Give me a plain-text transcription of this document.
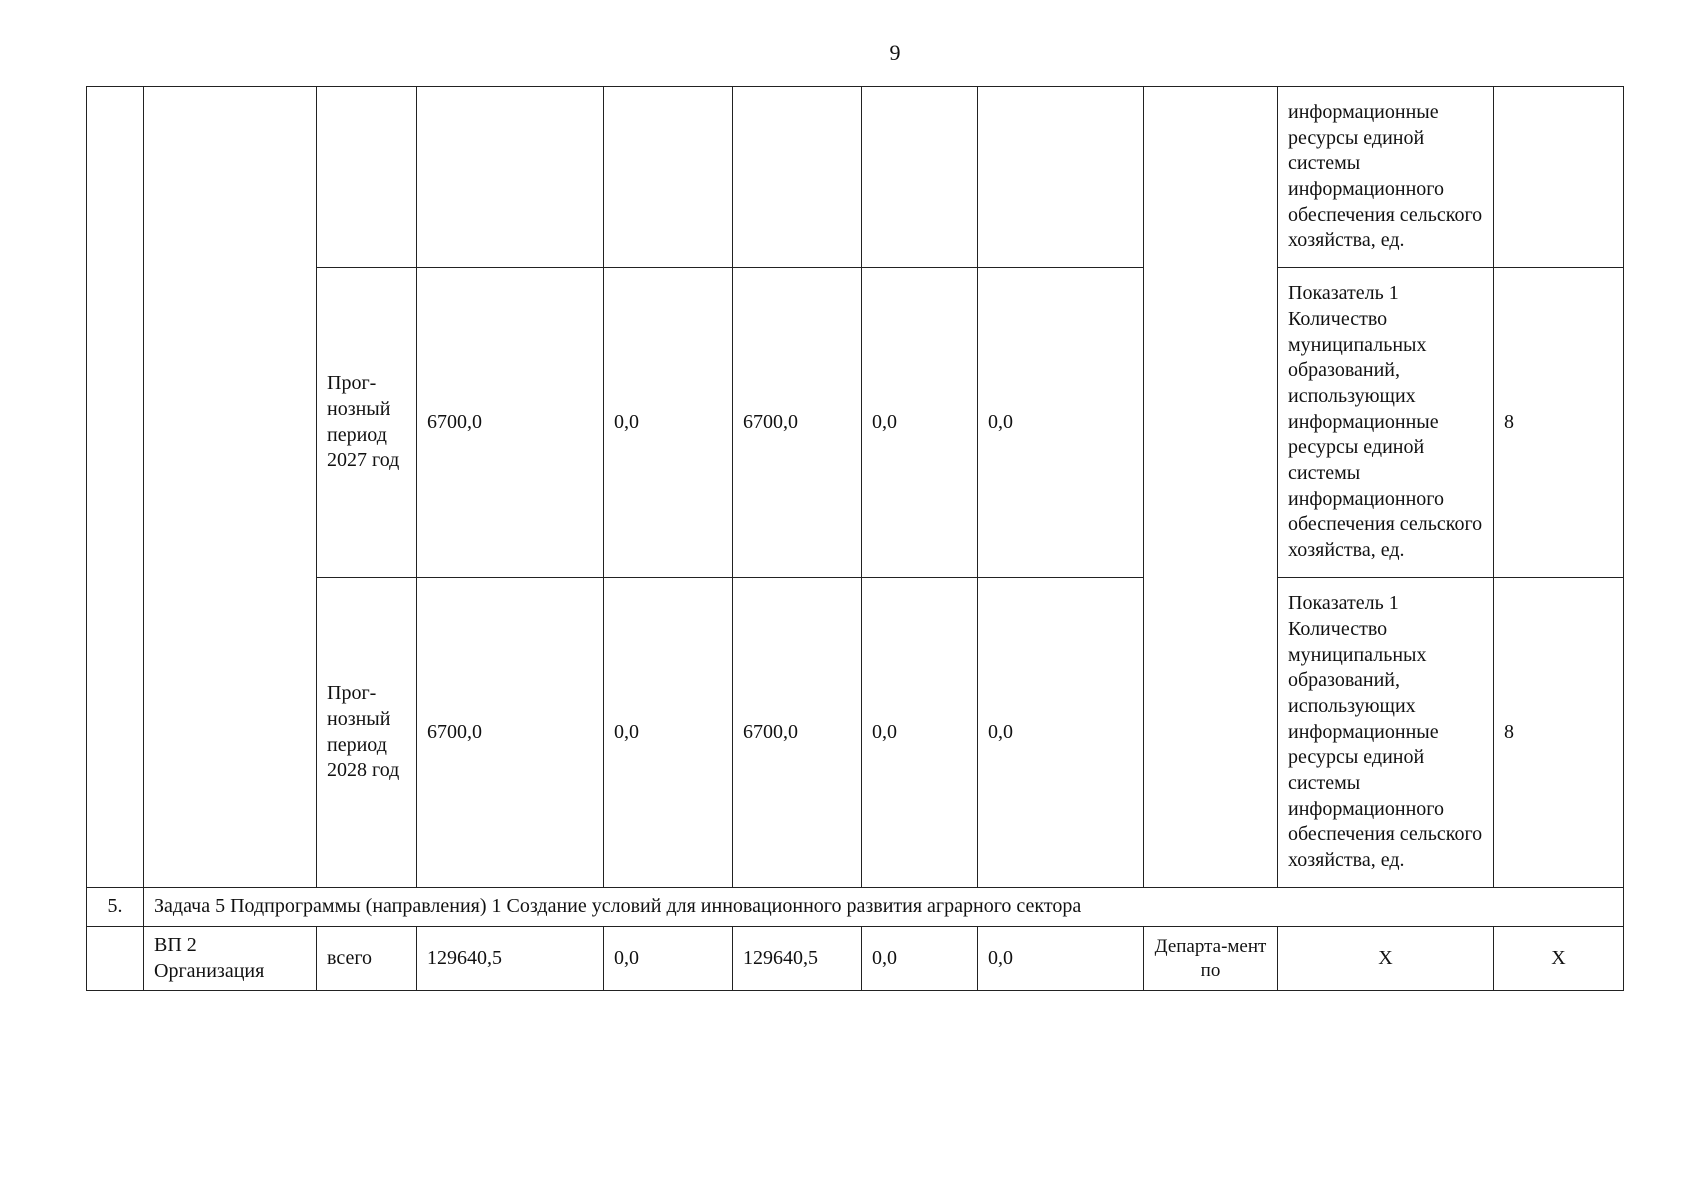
9
									информационные ресурсы единой системы информационного обеспечения сельского хозяйства, ед.	
		Прог-нозный период 2027 год	6700,0	0,0	6700,0	0,0	0,0		Показатель 1 Количество муниципальных образований, использующих информационные ресурсы единой системы информационного обеспечения сельского хозяйства, ед.	8
		Прог-нозный период 2028 год	6700,0	0,0	6700,0	0,0	0,0		Показатель 1 Количество муниципальных образований, использующих информационные ресурсы единой системы информационного обеспечения сельского хозяйства, ед.	8
5.	Задача 5 Подпрограммы (направления) 1 Создание условий для инновационного развития аграрного сектора									
	ВП 2 Организация	всего	129640,5	0,0	129640,5	0,0	0,0	Департа-мент по	Х	Х
